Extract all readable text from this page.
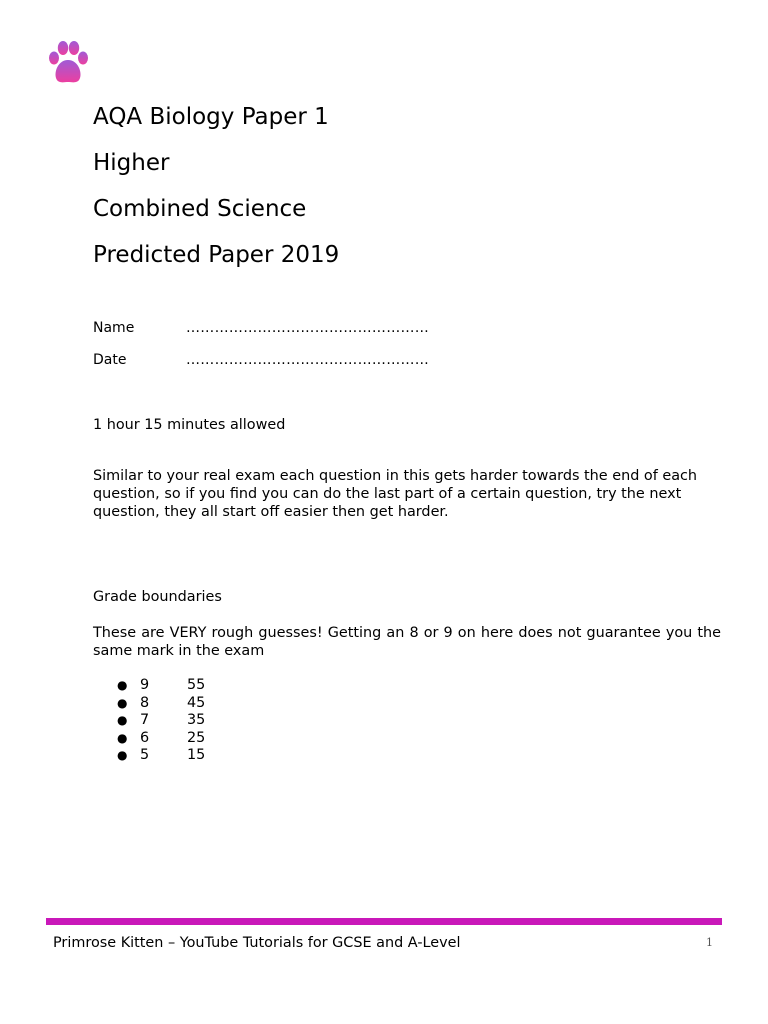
AQA Biology Paper 1
Higher
Combined Science
Predicted Paper 2019
Name	……………………………………………
Date	……………………………………………
1 hour 15 minutes allowed
Similar to your real exam each question in this gets harder towards the end of each question, so if you find you can do the last part of a certain question, try the next question, they all start off easier then get harder.
Grade boundaries
These are VERY rough guesses! Getting an 8 or 9 on here does not guarantee you the same mark in the exam
● 9	55
● 8	45
● 7	35
● 6	25
● 5	15
Primrose Kitten – YouTube Tutorials for GCSE and A-Level	1
